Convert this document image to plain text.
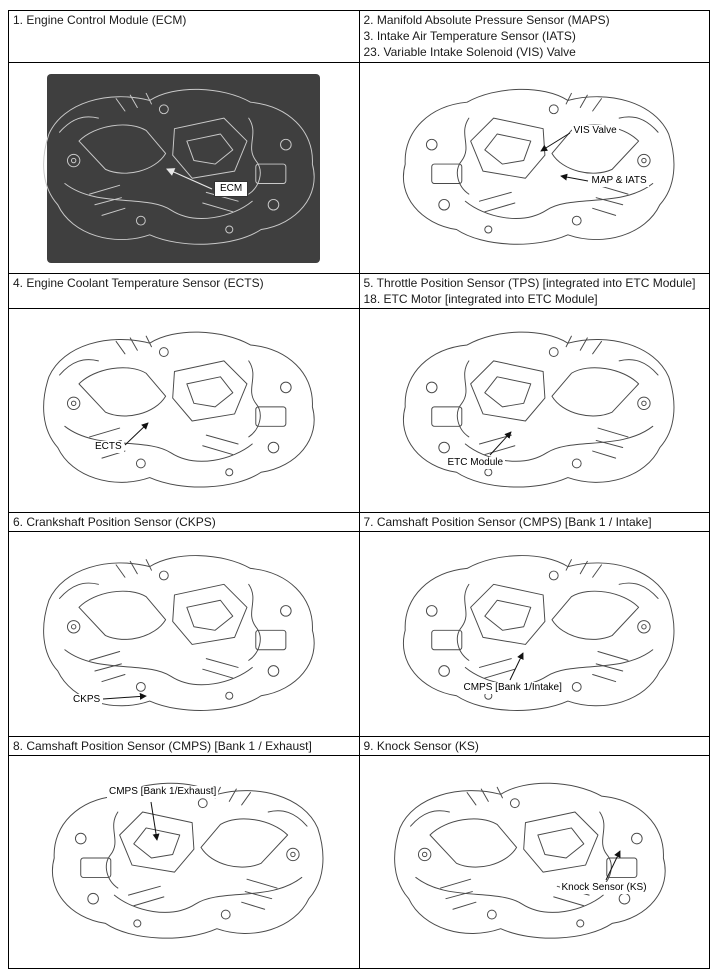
1. Engine Control Module (ECM)	2. Manifold Absolute Pressure Sensor (MAPS)
3. Intake Air Temperature Sensor (IATS)
23. Variable Intake Solenoid (VIS) Valve
ECM
VIS Valve
MAP & IATS
4. Engine Coolant Temperature Sensor (ECTS)	5. Throttle Position Sensor (TPS) [integrated into ETC Module]
18. ETC Motor [integrated into ETC Module]
ECTS
ETC Module
6. Crankshaft Position Sensor (CKPS)	7. Camshaft Position Sensor (CMPS) [Bank 1 / Intake]
CKPS
CMPS [Bank 1/Intake]
8. Camshaft Position Sensor (CMPS) [Bank 1 / Exhaust]	9. Knock Sensor (KS)
CMPS [Bank 1/Exhaust]
Knock Sensor (KS)
